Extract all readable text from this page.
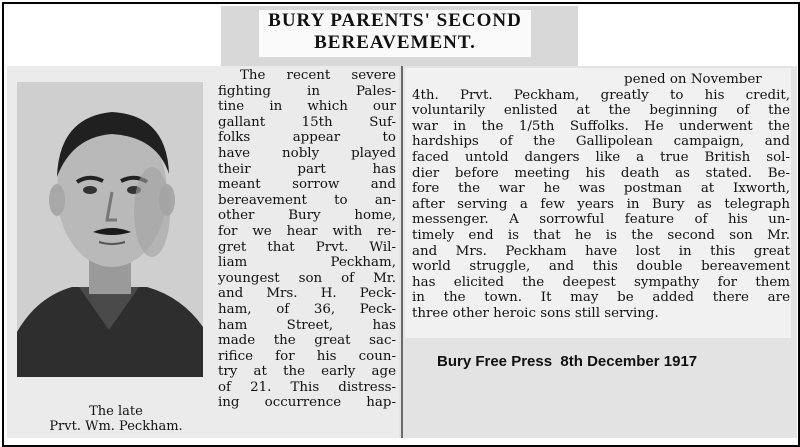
BURY PARENTS' SECOND
BEREAVEMENT.
The late
Prvt. Wm. Peckham.
The recent severe
fighting in Pales-
tine in which our
gallant 15th Suf-
folks appear to
have nobly played
their part has
meant sorrow and
bereavement to an-
other Bury home,
for we hear with re-
gret that Prvt. Wil-
liam Peckham,
youngest son of Mr.
and Mrs. H. Peck-
ham, of 36, Peck-
ham Street, has
made the great sac-
rifice for his coun-
try at the early age
of 21. This distress-
ing occurrence hap-
pened on November
4th. Prvt. Peckham, greatly to his credit,
voluntarily enlisted at the beginning of the
war in the 1/5th Suffolks. He underwent the
hardships of the Gallipolean campaign, and
faced untold dangers like a true British sol-
dier before meeting his death as stated. Be-
fore the war he was postman at Ixworth,
after serving a few years in Bury as telegraph
messenger. A sorrowful feature of his un-
timely end is that he is the second son Mr.
and Mrs. Peckham have lost in this great
world struggle, and this double bereavement
has elicited the deepest sympathy for them
in the town. It may be added there are
three other heroic sons still serving.
Bury Free Press  8th December 1917
